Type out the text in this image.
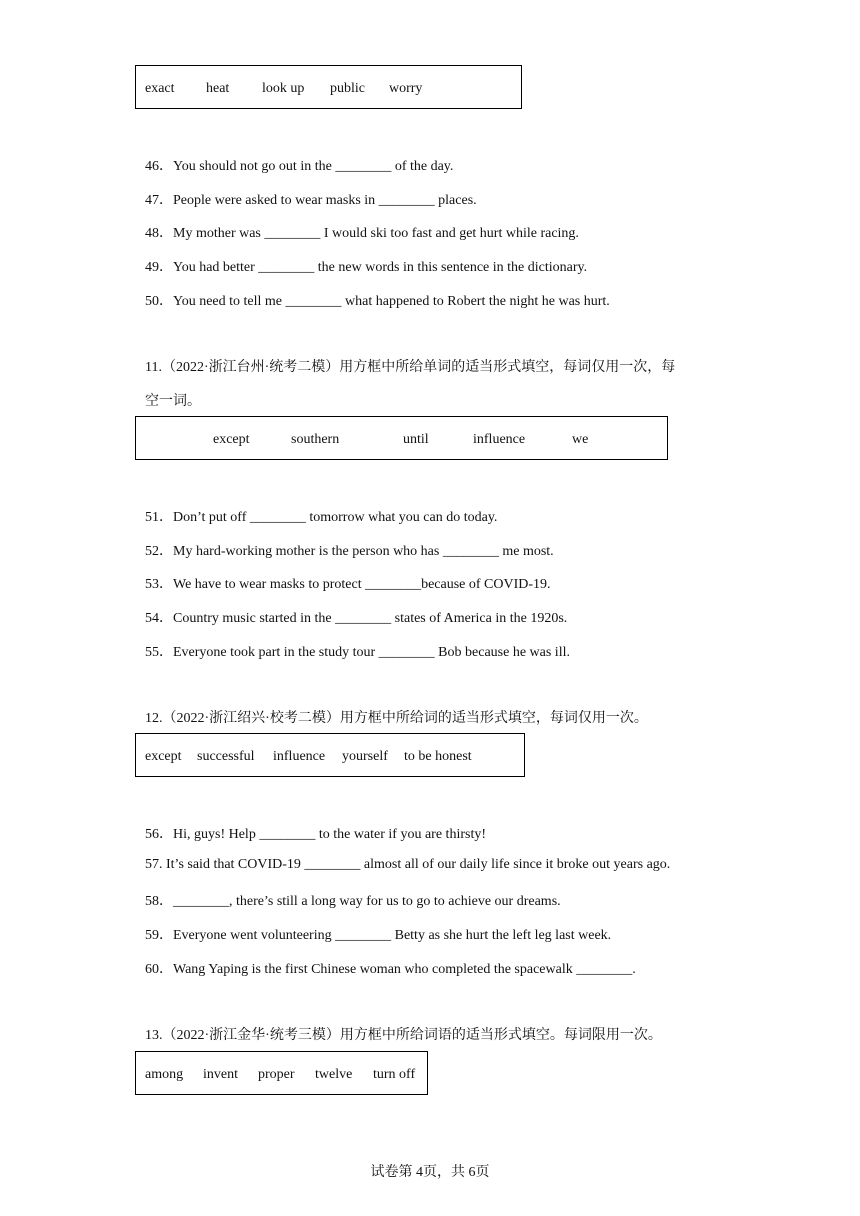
exact heat look up public worry
46．You should not go out in the ________ of the day.
47．People were asked to wear masks in ________ places.
48．My mother was ________ I would ski too fast and get hurt while racing.
49．You had better ________ the new words in this sentence in the dictionary.
50．You need to tell me ________ what happened to Robert the night he was hurt.
11.（2022·浙江台州·统考二模）用方框中所给单词的适当形式填空，每词仅用一次，每
空一词。
except	southern	until	influence	we
51．Don’t put off ________ tomorrow what you can do today.
52．My hard-working mother is the person who has ________ me most.
53．We have to wear masks to protect ________because of COVID-19.
54．Country music started in the ________ states of America in the 1920s.
55．Everyone took part in the study tour ________ Bob because he was ill.
12.（2022·浙江绍兴·校考二模）用方框中所给词的适当形式填空，每词仅用一次。
except successful influence yourself to be honest
56．Hi, guys! Help ________ to the water if you are thirsty!
57. It’s said that COVID-19 ________ almost all of our daily life since it broke out years ago.
58．________, there’s still a long way for us to go to achieve our dreams.
59．Everyone went volunteering ________ Betty as she hurt the left leg last week.
60．Wang Yaping is the first Chinese woman who completed the spacewalk ________.
13.（2022·浙江金华·统考三模）用方框中所给词语的适当形式填空。每词限用一次。
among invent proper twelve turn off
试卷第 4页，共 6页
